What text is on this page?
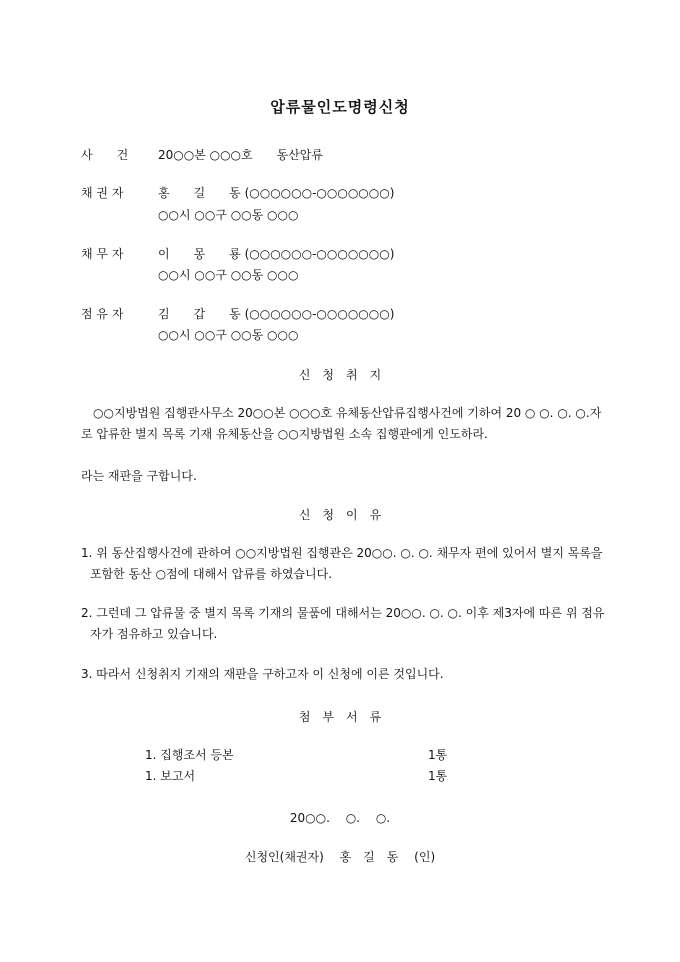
압류물인도명령신청
사　　건 20○○본 ○○○호　　동산압류
채 권 자	홍　　길　　동 (○○○○○○-○○○○○○○)
○○시 ○○구 ○○동 ○○○
채 무 자	이　　몽　　룡 (○○○○○○-○○○○○○○)
○○시 ○○구 ○○동 ○○○
점 유 자	김　　갑　　동 (○○○○○○-○○○○○○○)
○○시 ○○구 ○○동 ○○○
신　청　취　지
　○○지방법원 집행관사무소 20○○본 ○○○호 유체동산압류집행사건에 기하여 20 ○ ○. ○. ○.자로 압류한 별지 목록 기재 유체동산을 ○○지방법원 소속 집행관에게 인도하라.
라는 재판을 구합니다.
신　청　이　유
1. 위 동산집행사건에 관하여 ○○지방법원 집행관은 20○○. ○. ○. 채무자 편에 있어서 별지 목록을 포함한 동산 ○점에 대해서 압류를 하였습니다.
2. 그런데 그 압류물 중 별지 목록 기재의 물품에 대해서는 20○○. ○. ○. 이후 제3자에 따른 위 점유자가 점유하고 있습니다.
3. 따라서 신청취지 기재의 재판을 구하고자 이 신청에 이른 것입니다.
첨　부　서　류
1. 집행조서 등본	1통
1. 보고서	1통
20○○.　 ○.　 ○.
신청인(채권자)　 홍　길　동　 (인)
